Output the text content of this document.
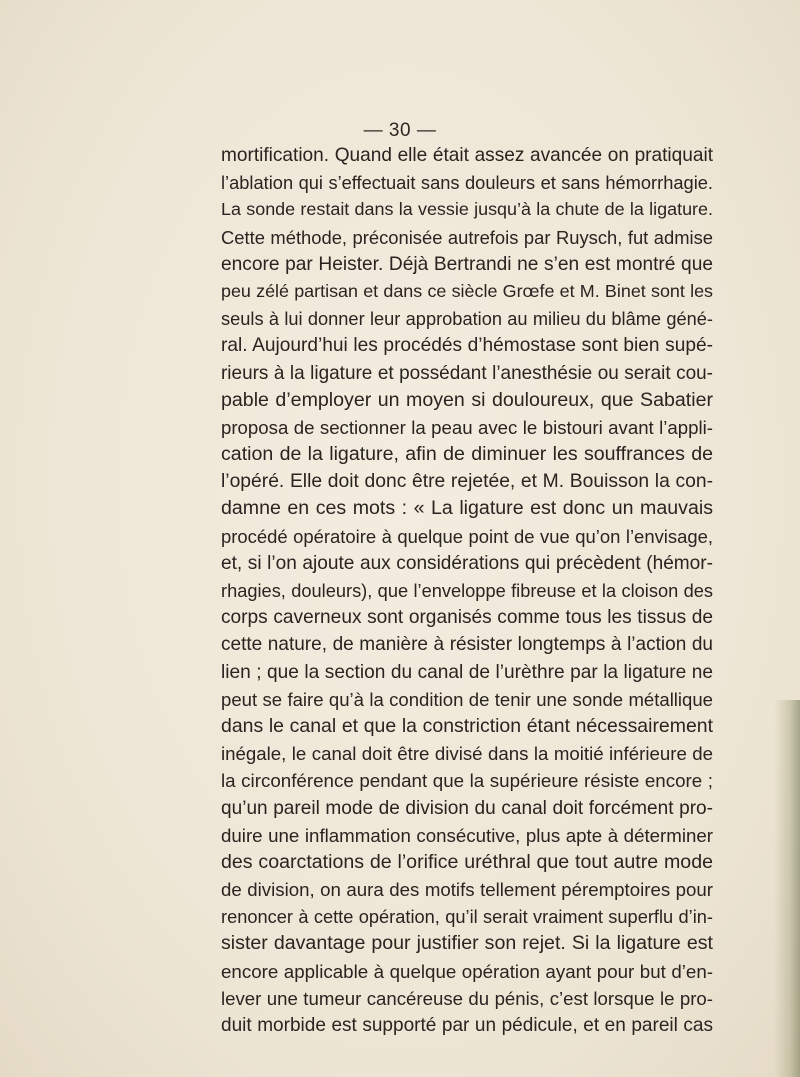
— 30 —
mortification. Quand elle était assez avancée on pratiquait
l’ablation qui s’effectuait sans douleurs et sans hémorrhagie.
La sonde restait dans la vessie jusqu’à la chute de la ligature.
Cette méthode, préconisée autrefois par Ruysch, fut admise
encore par Heister. Déjà Bertrandi ne s’en est montré que
peu zélé partisan et dans ce siècle Grœfe et M. Binet sont les
seuls à lui donner leur approbation au milieu du blâme géné-
ral. Aujourd’hui les procédés d’hémostase sont bien supé-
rieurs à la ligature et possédant l’anesthésie ou serait cou-
pable d’employer un moyen si douloureux, que Sabatier
proposa de sectionner la peau avec le bistouri avant l’appli-
cation de la ligature, afin de diminuer les souffrances de
l’opéré. Elle doit donc être rejetée, et M. Bouisson la con-
damne en ces mots : « La ligature est donc un mauvais
procédé opératoire à quelque point de vue qu’on l’envisage,
et, si l’on ajoute aux considérations qui précèdent (hémor-
rhagies, douleurs), que l’enveloppe fibreuse et la cloison des
corps caverneux sont organisés comme tous les tissus de
cette nature, de manière à résister longtemps à l’action du
lien ; que la section du canal de l’urèthre par la ligature ne
peut se faire qu’à la condition de tenir une sonde métallique
dans le canal et que la constriction étant nécessairement
inégale, le canal doit être divisé dans la moitié inférieure de
la circonférence pendant que la supérieure résiste encore ;
qu’un pareil mode de division du canal doit forcément pro-
duire une inflammation consécutive, plus apte à déterminer
des coarctations de l’orifice uréthral que tout autre mode
de division, on aura des motifs tellement péremptoires pour
renoncer à cette opération, qu’il serait vraiment superflu d’in-
sister davantage pour justifier son rejet. Si la ligature est
encore applicable à quelque opération ayant pour but d’en-
lever une tumeur cancéreuse du pénis, c’est lorsque le pro-
duit morbide est supporté par un pédicule, et en pareil cas
